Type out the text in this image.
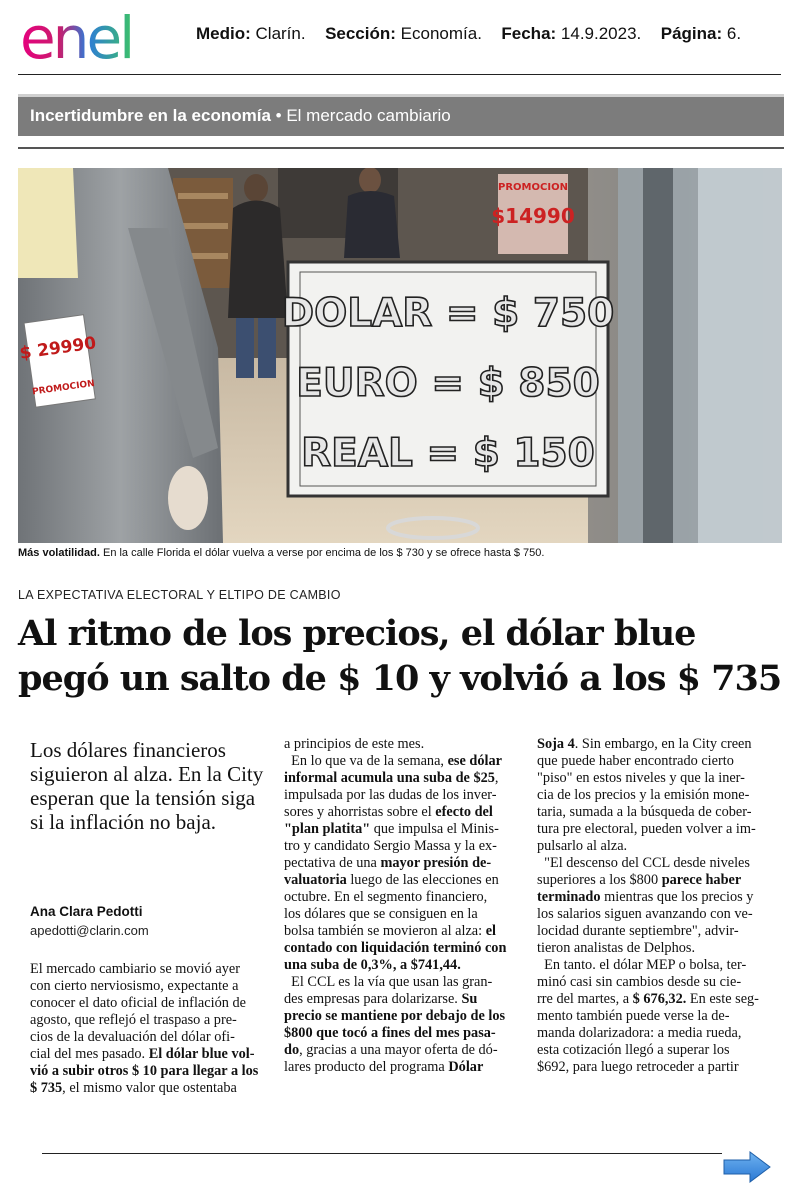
enel	Medio: Clarín. Sección: Economía. Fecha: 14.9.2023. Página: 6.
Incertidumbre en la economía • El mercado cambiario
PROMOCION
$14990
$ 29990
PROMOCION
DOLAR = $ 750
EURO = $ 850
REAL = $ 150
Más volatilidad. En la calle Florida el dólar vuelva a verse por encima de los $ 730 y se ofrece hasta $ 750.
LA EXPECTATIVA ELECTORAL Y ELTIPO DE CAMBIO
Al ritmo de los precios, el dólar blue
pegó un salto de $ 10 y volvió a los $ 735
Los dólares financieros siguieron al alza. En la City esperan que la tensión siga si la inflación no baja.
Ana Clara Pedotti
apedotti@clarin.com
El mercado cambiario se movió ayer
con cierto nerviosismo, expectante a
conocer el dato oficial de inflación de
agosto, que reflejó el traspaso a pre-
cios de la devaluación del dólar ofi-
cial del mes pasado. El dólar blue vol-
vió a subir otros $ 10 para llegar a los
$ 735, el mismo valor que ostentaba
a principios de este mes.
En lo que va de la semana, ese dólar
informal acumula una suba de $25,
impulsada por las dudas de los inver-
sores y ahorristas sobre el efecto del
"plan platita" que impulsa el Minis-
tro y candidato Sergio Massa y la ex-
pectativa de una mayor presión de-
valuatoria luego de las elecciones en
octubre. En el segmento financiero,
los dólares que se consiguen en la
bolsa también se movieron al alza: el
contado con liquidación terminó con
una suba de 0,3%, a $741,44.
El CCL es la vía que usan las gran-
des empresas para dolarizarse. Su
precio se mantiene por debajo de los
$800 que tocó a fines del mes pasa-
do, gracias a una mayor oferta de dó-
lares producto del programa Dólar
Soja 4. Sin embargo, en la City creen
que puede haber encontrado cierto
"piso" en estos niveles y que la iner-
cia de los precios y la emisión mone-
taria, sumada a la búsqueda de cober-
tura pre electoral, pueden volver a im-
pulsarlo al alza.
"El descenso del CCL desde niveles
superiores a los $800 parece haber
terminado mientras que los precios y
los salarios siguen avanzando con ve-
locidad durante septiembre", advir-
tieron analistas de Delphos.
En tanto. el dólar MEP o bolsa, ter-
minó casi sin cambios desde su cie-
rre del martes, a $ 676,32. En este seg-
mento también puede verse la de-
manda dolarizadora: a media rueda,
esta cotización llegó a superar los
$692, para luego retroceder a partir
